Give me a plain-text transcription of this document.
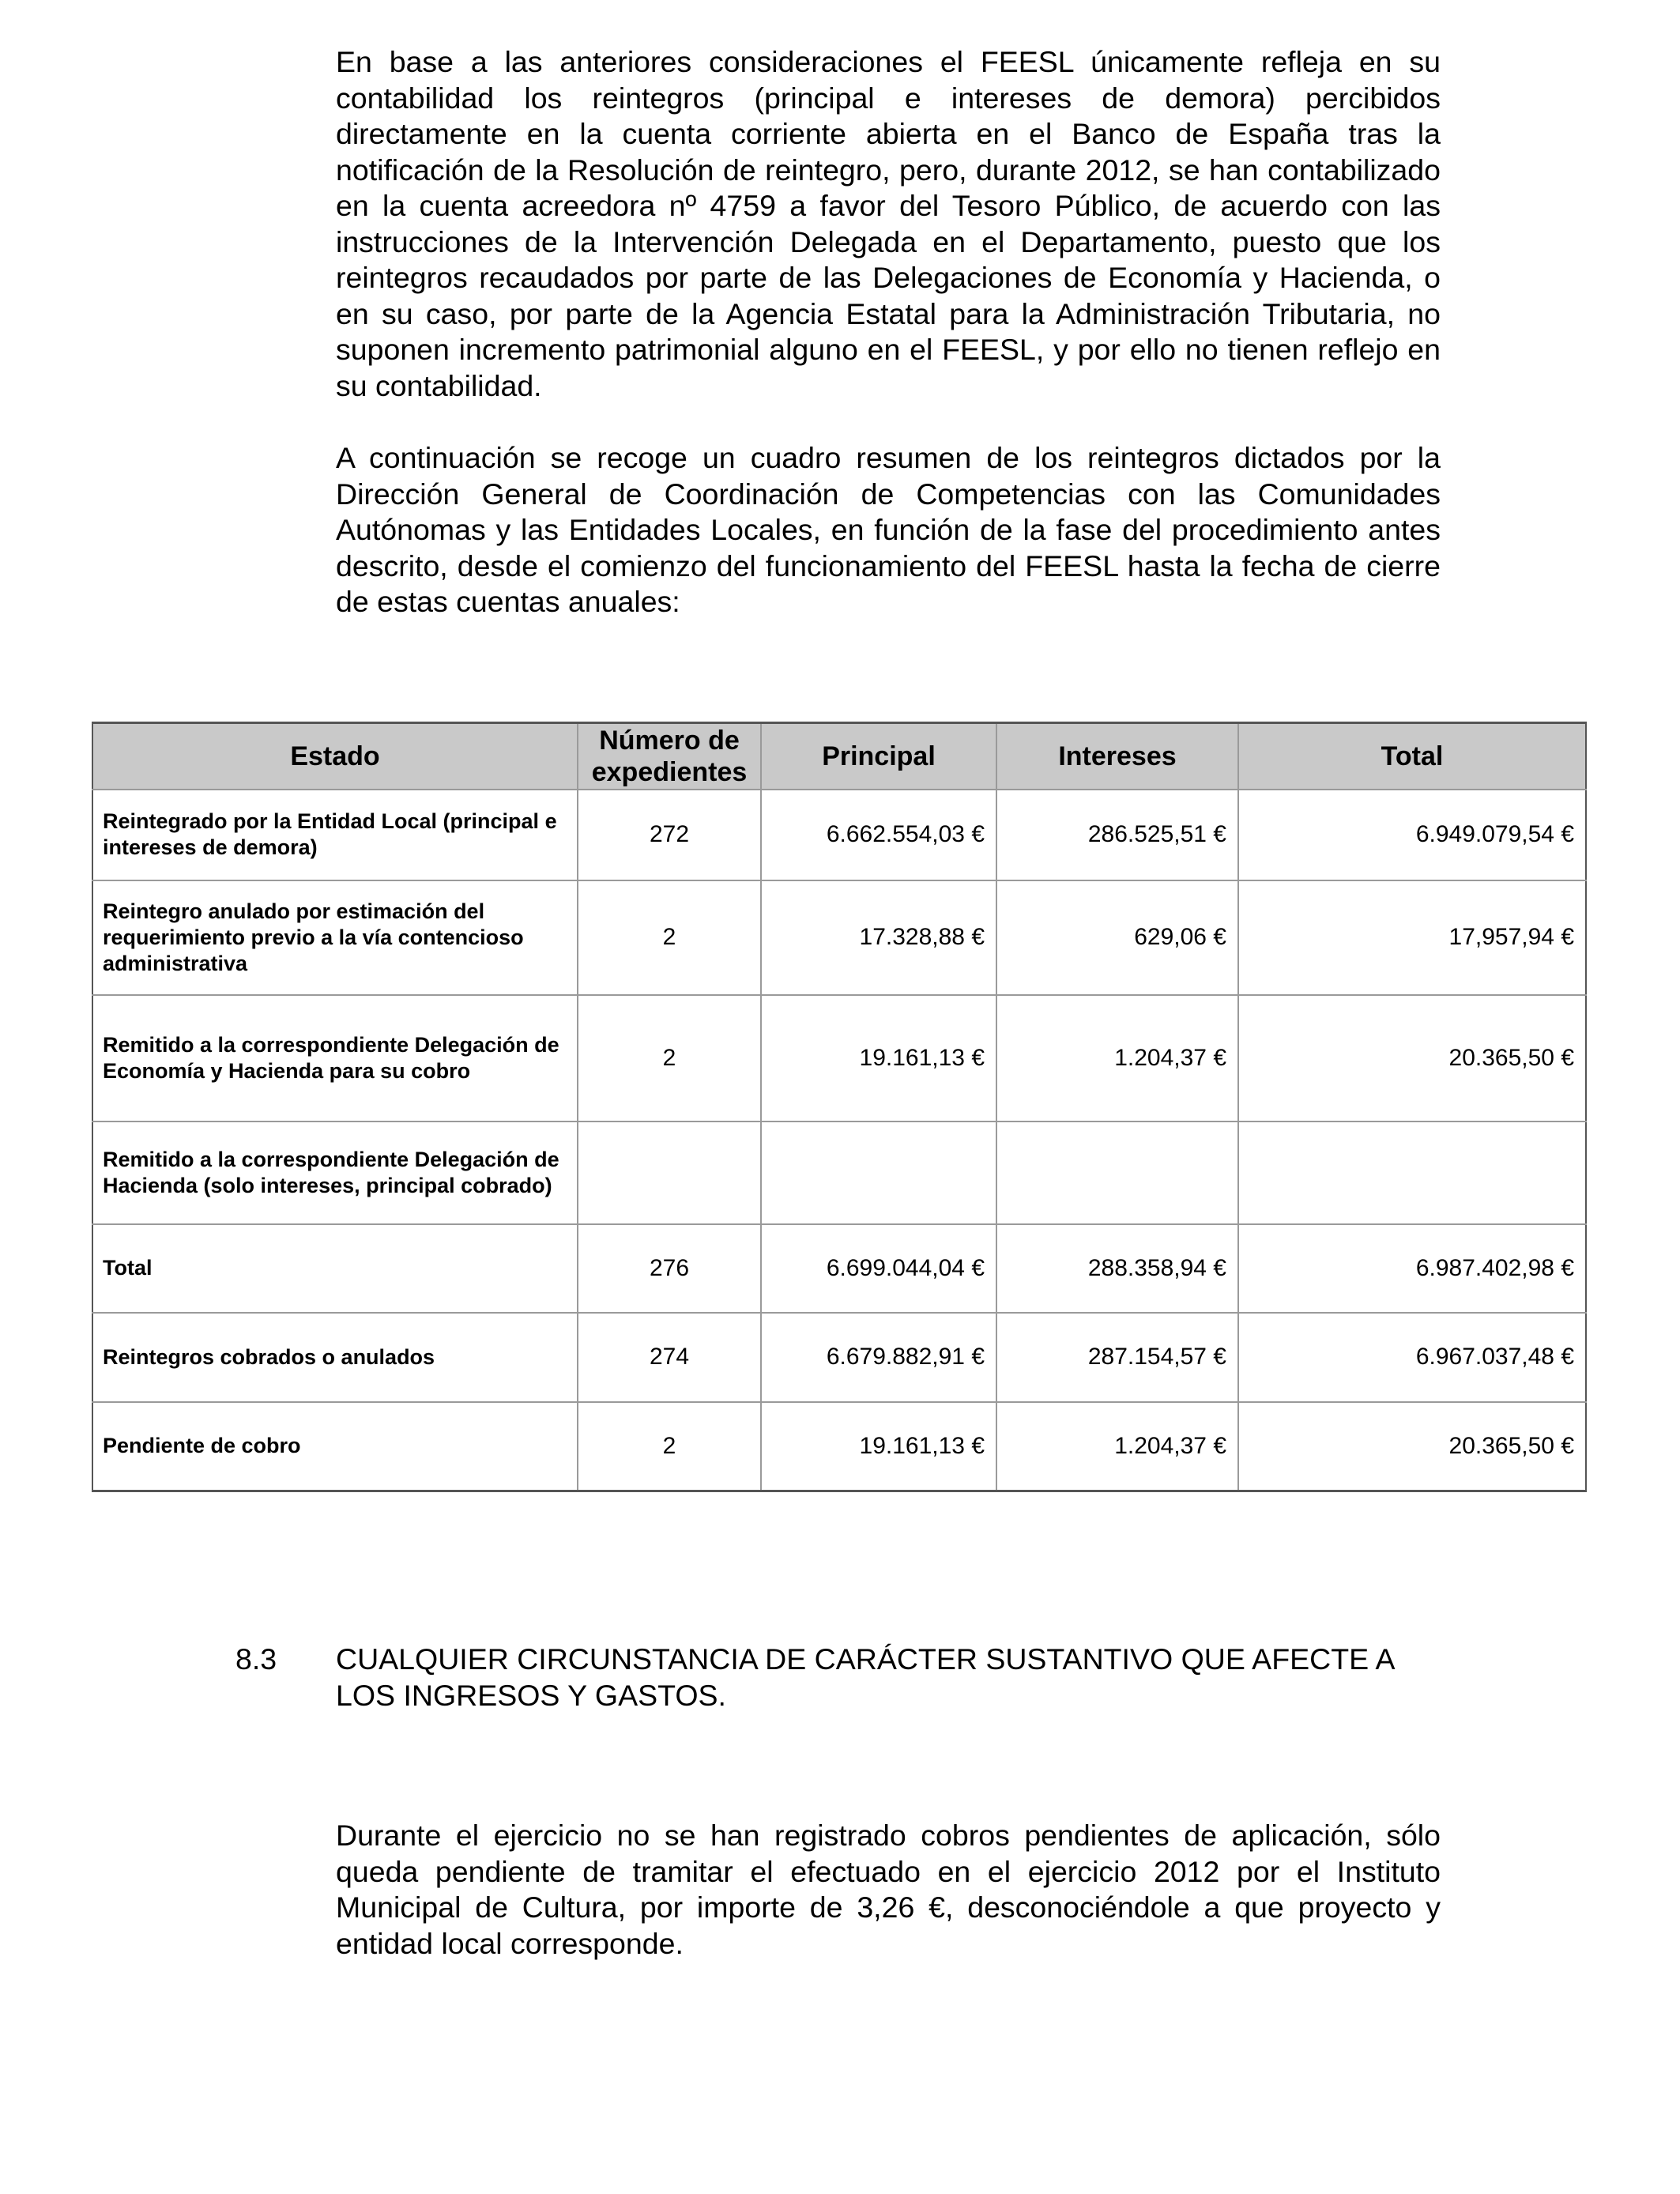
En base a las anteriores consideraciones el FEESL únicamente refleja en su contabilidad los reintegros (principal e intereses de demora) percibidos directamente en la cuenta corriente abierta en el Banco de España tras la notificación de la Resolución de reintegro, pero, durante 2012, se han contabilizado en la cuenta acreedora nº 4759 a favor del Tesoro Público, de acuerdo con las instrucciones de la Intervención Delegada en el Departamento, puesto que los reintegros recaudados por parte de las Delegaciones de Economía y Hacienda, o en su caso, por parte de la Agencia Estatal para la Administración Tributaria, no suponen incremento patrimonial alguno en el FEESL, y por ello no tienen reflejo en su contabilidad.

A continuación se recoge un cuadro resumen de los reintegros dictados por la Dirección General de Coordinación de Competencias con las Comunidades Autónomas y las Entidades Locales, en función de la fase del procedimiento antes descrito, desde el comienzo del funcionamiento del FEESL hasta la fecha de cierre de estas cuentas anuales:

Estado	Número de expedientes	Principal	Intereses	Total
Reintegrado por la Entidad Local (principal e intereses de demora)	272	6.662.554,03 €	286.525,51 €	6.949.079,54 €
Reintegro anulado por estimación del requerimiento previo a la vía contencioso administrativa	2	17.328,88 €	629,06 €	17,957,94 €
Remitido a la correspondiente Delegación de Economía y Hacienda para su cobro	2	19.161,13 €	1.204,37 €	20.365,50 €
Remitido a la correspondiente Delegación de Hacienda (solo intereses, principal cobrado)				
Total	276	6.699.044,04 €	288.358,94 €	6.987.402,98 €
Reintegros cobrados o anulados	274	6.679.882,91 €	287.154,57 €	6.967.037,48 €
Pendiente de cobro	2	19.161,13 €	1.204,37 €	20.365,50 €

8.3 CUALQUIER CIRCUNSTANCIA DE CARÁCTER SUSTANTIVO QUE AFECTE A LOS INGRESOS Y GASTOS.

Durante el ejercicio no se han registrado cobros pendientes de aplicación, sólo queda pendiente de tramitar el efectuado en el ejercicio 2012 por el Instituto Municipal de Cultura, por importe de 3,26 €, desconociéndole a que proyecto y entidad local corresponde.
